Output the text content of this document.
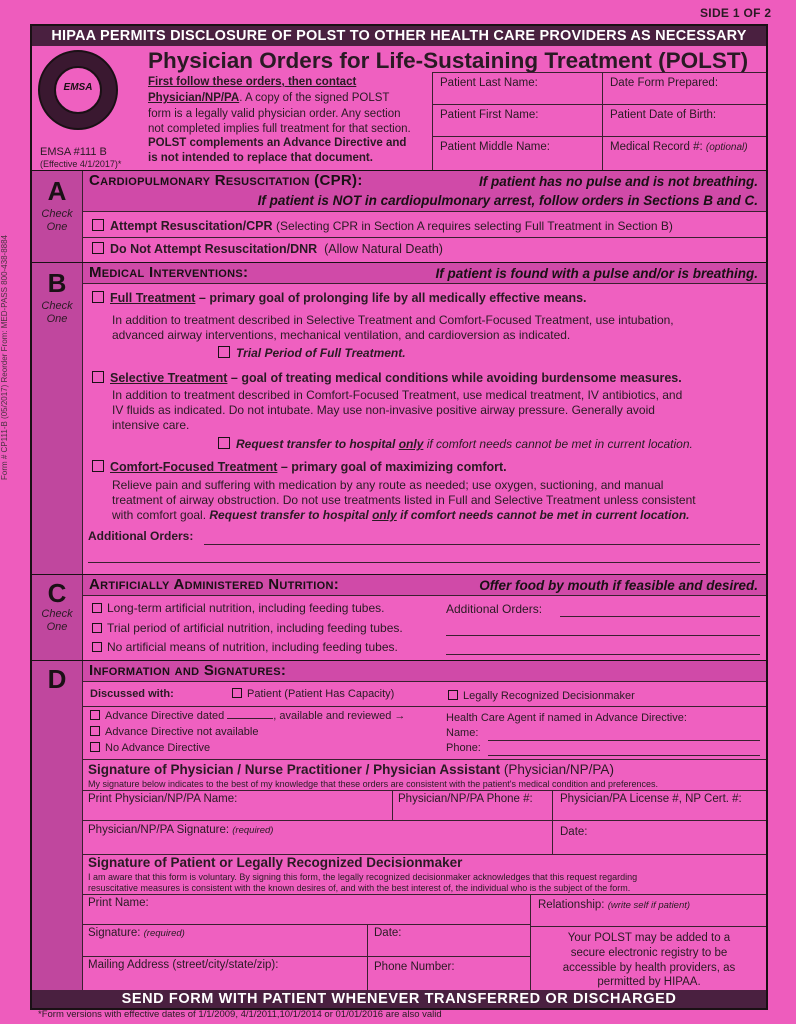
SIDE 1 OF 2
Form # CP111-B (05/2017) Reorder From: MED-PASS 800-438-8884
HIPAA PERMITS DISCLOSURE OF POLST TO OTHER HEALTH CARE PROVIDERS AS NECESSARY
EMSA
Physician Orders for Life-Sustaining Treatment (POLST)
First follow these orders, then contact
Physician/NP/PA. A copy of the signed POLST
form is a legally valid physician order. Any section
not completed implies full treatment for that section.
POLST complements an Advance Directive and
is not intended to replace that document.
EMSA #111 B
(Effective 4/1/2017)*
Patient Last Name:	Date Form Prepared:
Patient First Name:	Patient Date of Birth:
Patient Middle Name:	Medical Record #: (optional)
A
Check One
Cardiopulmonary Resuscitation (CPR):	If patient has no pulse and is not breathing.
If patient is NOT in cardiopulmonary arrest, follow orders in Sections B and C.
Attempt Resuscitation/CPR (Selecting CPR in Section A requires selecting Full Treatment in Section B)
Do Not Attempt Resuscitation/DNR (Allow Natural Death)
B
Check One
Medical Interventions:	If patient is found with a pulse and/or is breathing.
Full Treatment – primary goal of prolonging life by all medically effective means.
In addition to treatment described in Selective Treatment and Comfort-Focused Treatment, use intubation,
advanced airway interventions, mechanical ventilation, and cardioversion as indicated.
Trial Period of Full Treatment.
Selective Treatment – goal of treating medical conditions while avoiding burdensome measures.
In addition to treatment described in Comfort-Focused Treatment, use medical treatment, IV antibiotics, and
IV fluids as indicated. Do not intubate. May use non-invasive positive airway pressure. Generally avoid
intensive care.
Request transfer to hospital only if comfort needs cannot be met in current location.
Comfort-Focused Treatment – primary goal of maximizing comfort.
Relieve pain and suffering with medication by any route as needed; use oxygen, suctioning, and manual
treatment of airway obstruction. Do not use treatments listed in Full and Selective Treatment unless consistent
with comfort goal. Request transfer to hospital only if comfort needs cannot be met in current location.
Additional Orders:
C
Check One
Artificially Administered Nutrition:	Offer food by mouth if feasible and desired.
Long-term artificial nutrition, including feeding tubes.
Trial period of artificial nutrition, including feeding tubes.
No artificial means of nutrition, including feeding tubes.
Additional Orders:
D	Information and Signatures:
Discussed with:	Patient (Patient Has Capacity)	Legally Recognized Decisionmaker
Advance Directive dated	, available and reviewed →
Advance Directive not available
No Advance Directive
Health Care Agent if named in Advance Directive:
Name:
Phone:
Signature of Physician / Nurse Practitioner / Physician Assistant (Physician/NP/PA)
My signature below indicates to the best of my knowledge that these orders are consistent with the patient's medical condition and preferences.
Print Physician/NP/PA Name:	Physician/NP/PA Phone #: Physician/PA License #, NP Cert. #:
Physician/NP/PA Signature: (required)	Date:
Signature of Patient or Legally Recognized Decisionmaker
I am aware that this form is voluntary. By signing this form, the legally recognized decisionmaker acknowledges that this request regarding
resuscitative measures is consistent with the known desires of, and with the best interest of, the individual who is the subject of the form.
Print Name:	Relationship: (write self if patient)
Signature: (required)	Date:
Mailing Address (street/city/state/zip):	Phone Number:
Your POLST may be added to a
secure electronic registry to be
accessible by health providers, as
permitted by HIPAA.
SEND FORM WITH PATIENT WHENEVER TRANSFERRED OR DISCHARGED
*Form versions with effective dates of 1/1/2009, 4/1/2011,10/1/2014 or 01/01/2016 are also valid
